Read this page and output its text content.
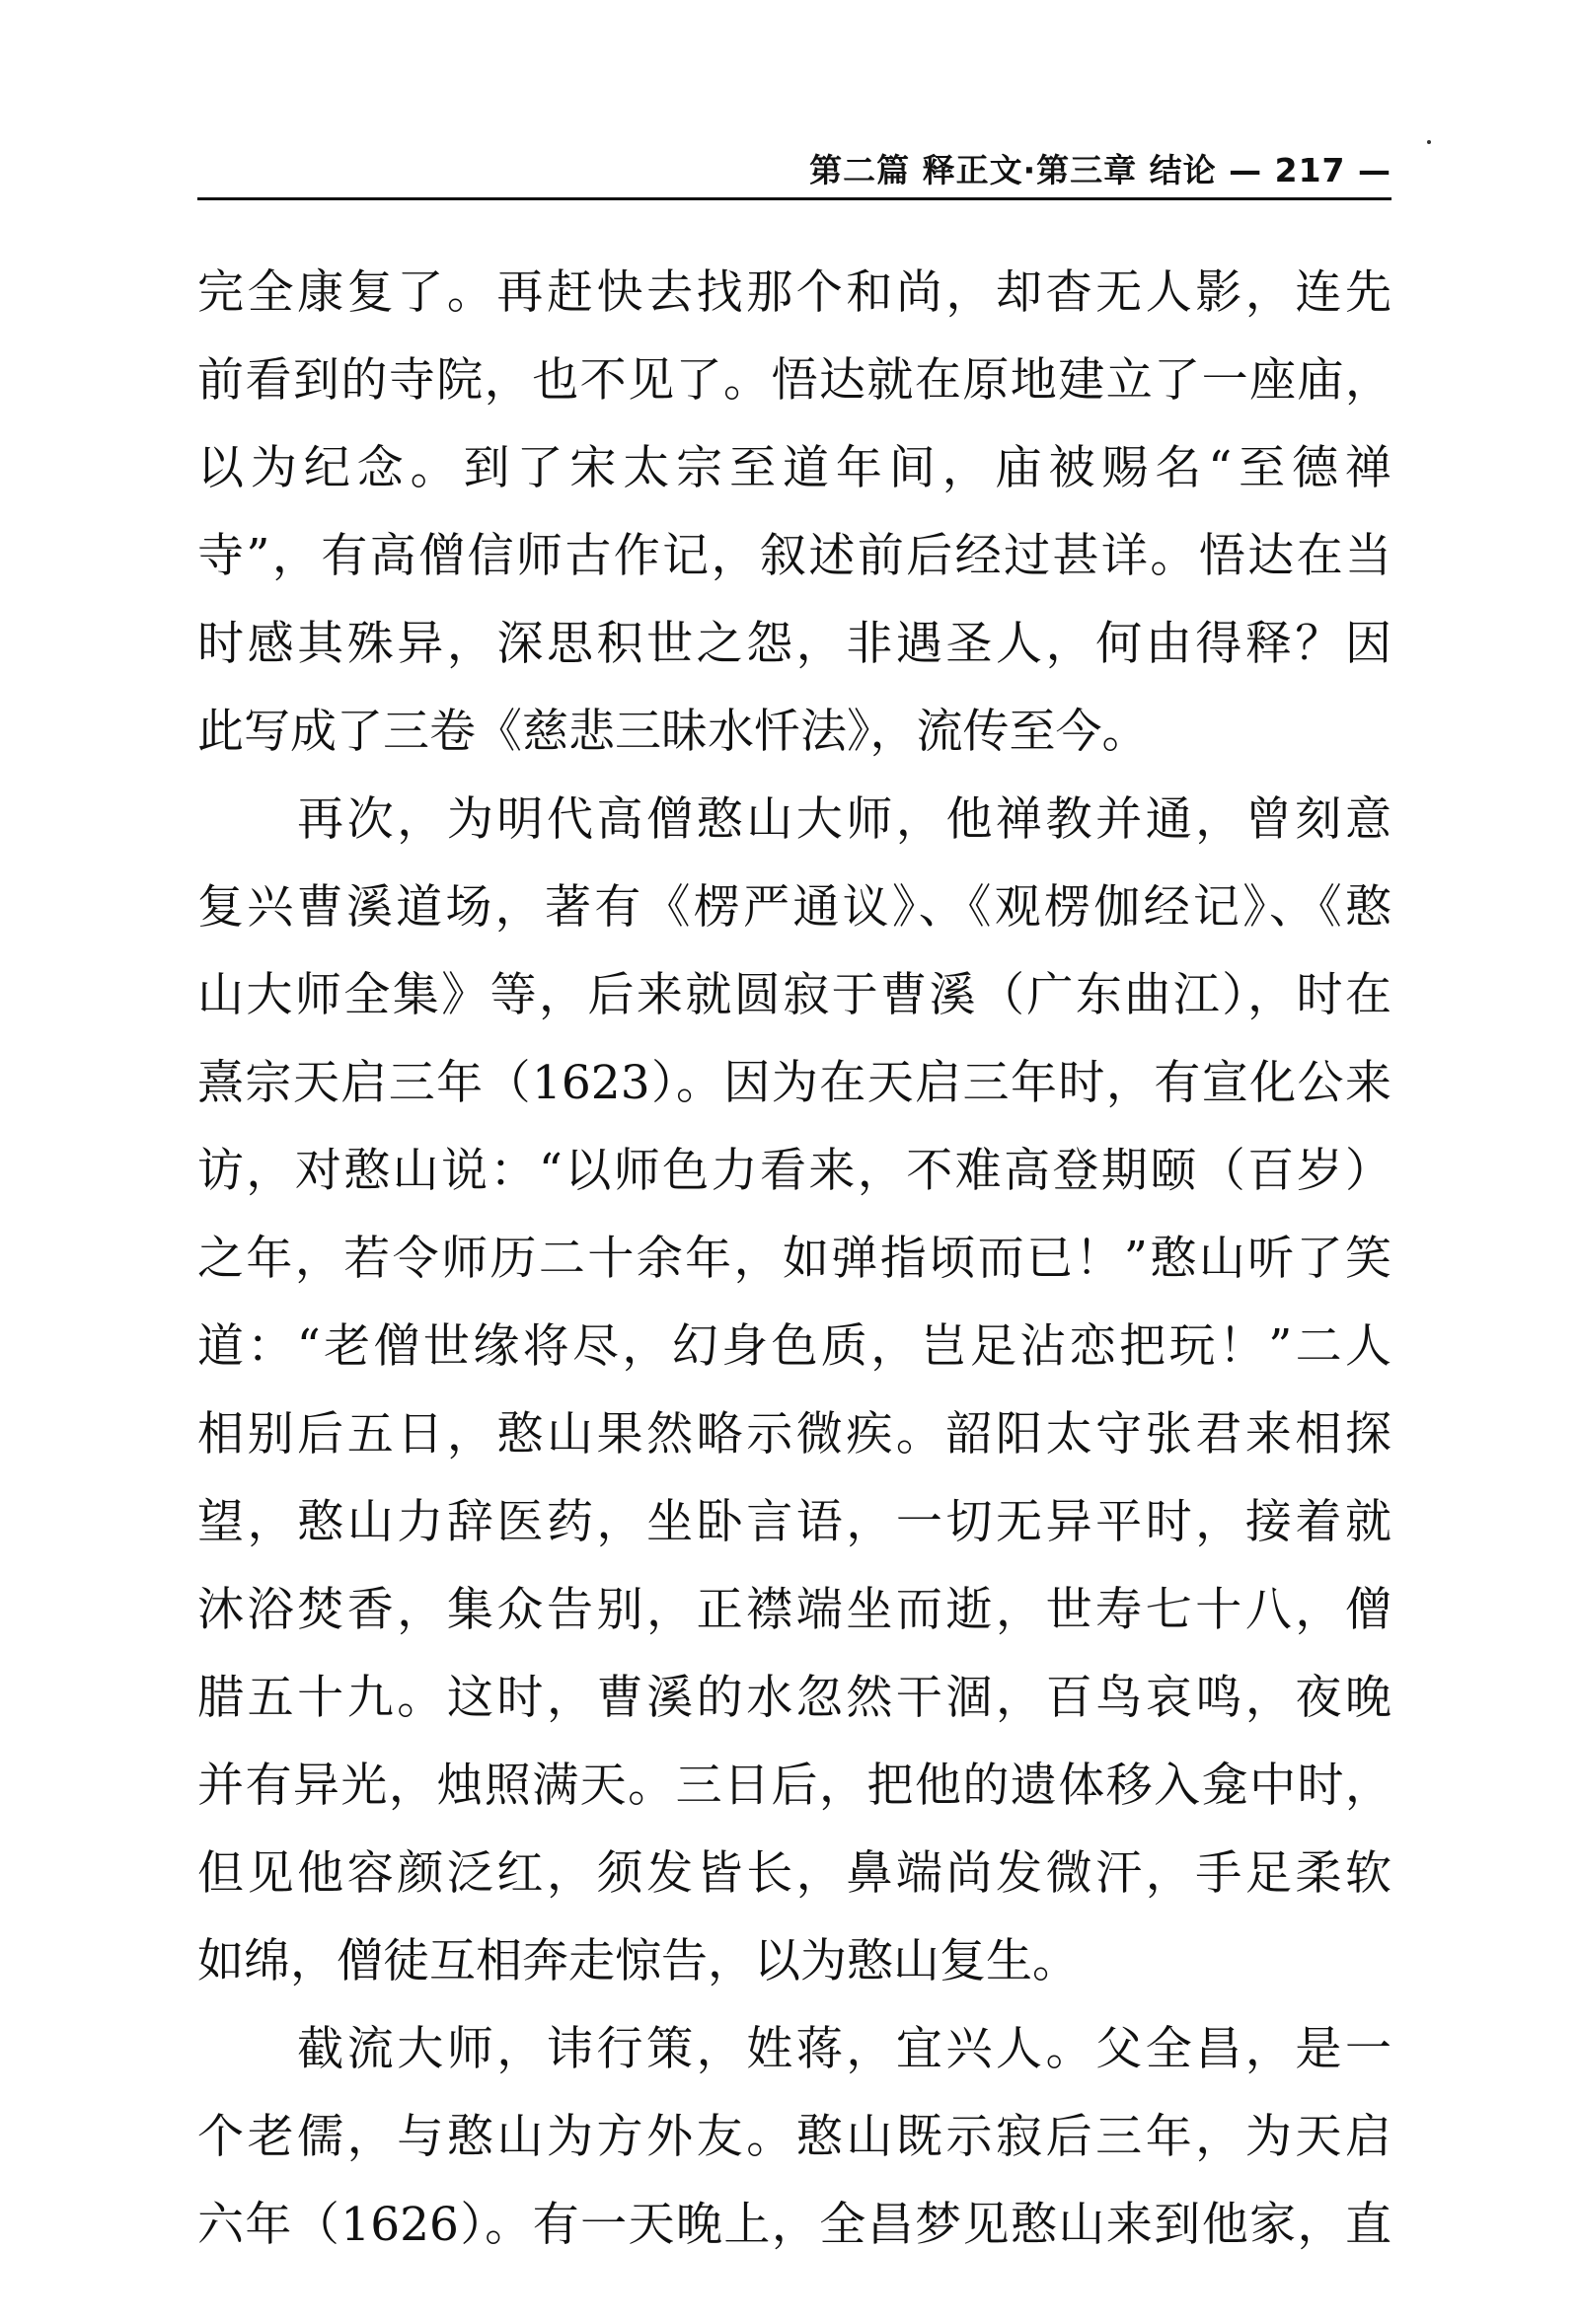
第二篇 释正文·第三章 结论 — 217 —
完全康复了。再赶快去找那个和尚，却杳无人影，连先
前看到的寺院，也不见了。悟达就在原地建立了一座庙，
以为纪念。到了宋太宗至道年间，庙被赐名“至德禅
寺”，有高僧信师古作记，叙述前后经过甚详。悟达在当
时感其殊异，深思积世之怨，非遇圣人，何由得释？因
此写成了三卷《慈悲三昧水忏法》，流传至今。
　　再次，为明代高僧憨山大师，他禅教并通，曾刻意
复兴曹溪道场，著有《楞严通议》、《观楞伽经记》、《憨
山大师全集》等，后来就圆寂于曹溪（广东曲江），时在
熹宗天启三年（1623）。因为在天启三年时，有宣化公来
访，对憨山说：“以师色力看来，不难高登期颐（百岁）
之年，若令师历二十余年，如弹指顷而已！”憨山听了笑
道：“老僧世缘将尽，幻身色质，岂足沾恋把玩！”二人
相别后五日，憨山果然略示微疾。韶阳太守张君来相探
望，憨山力辞医药，坐卧言语，一切无异平时，接着就
沐浴焚香，集众告别，正襟端坐而逝，世寿七十八，僧
腊五十九。这时，曹溪的水忽然干涸，百鸟哀鸣，夜晚
并有异光，烛照满天。三日后，把他的遗体移入龛中时，
但见他容颜泛红，须发皆长，鼻端尚发微汗，手足柔软
如绵，僧徒互相奔走惊告，以为憨山复生。
　　截流大师，讳行策，姓蒋，宜兴人。父全昌，是一
个老儒，与憨山为方外友。憨山既示寂后三年，为天启
六年（1626）。有一天晚上，全昌梦见憨山来到他家，直
